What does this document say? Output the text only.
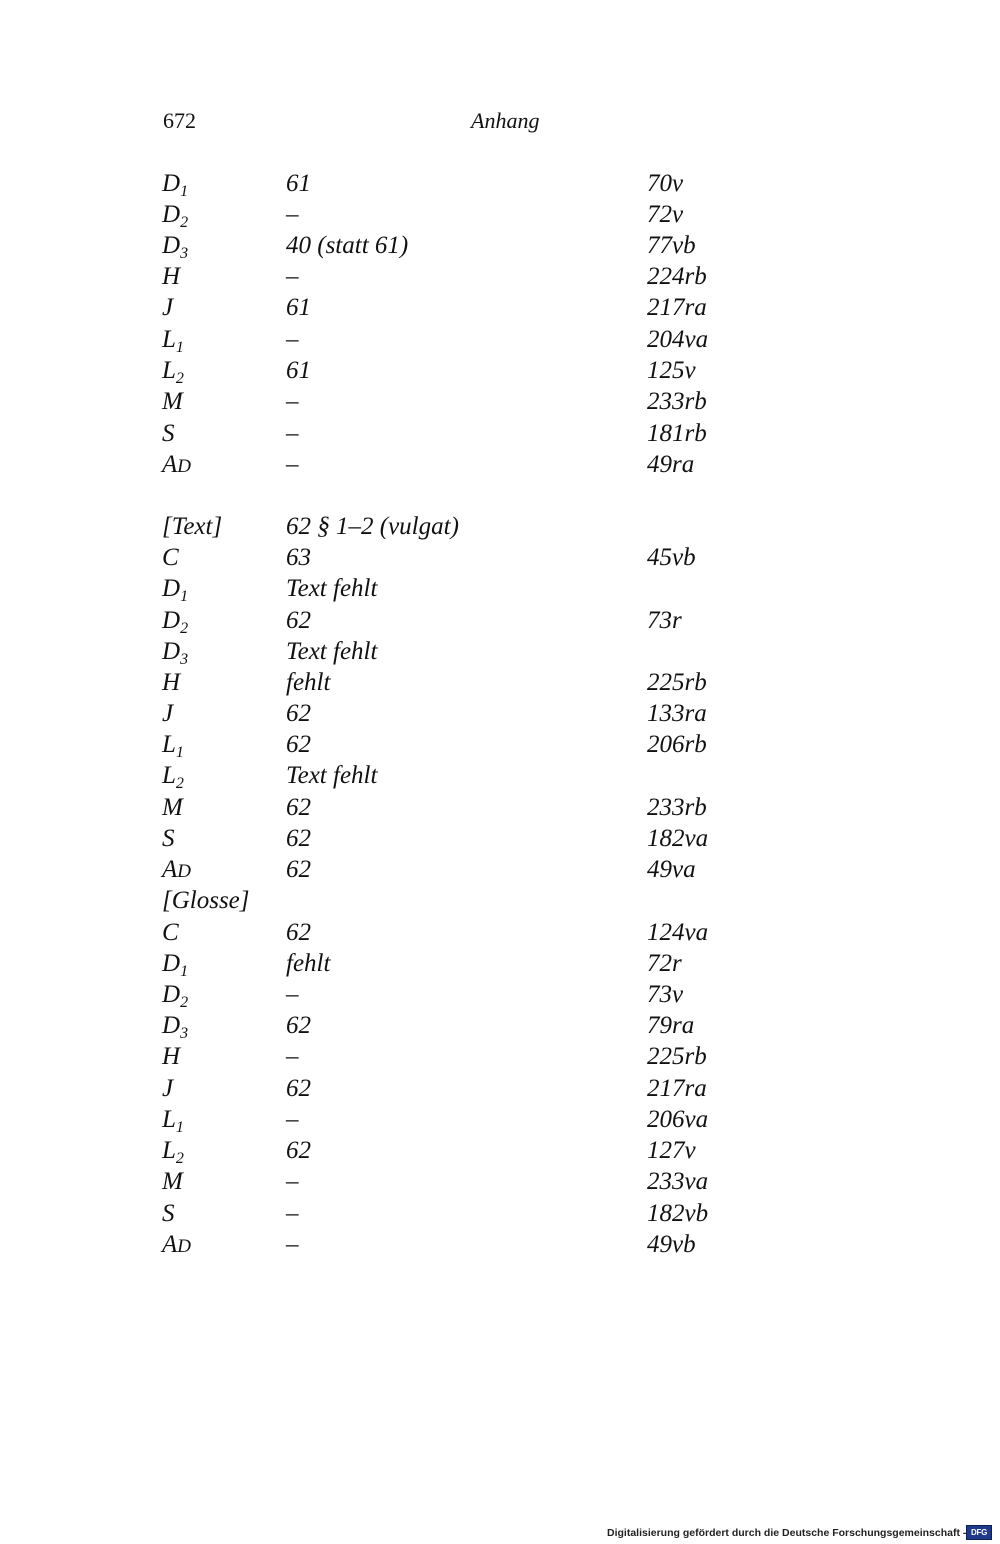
672	Anhang
$D_1$	61	70v
$D_2$	–	72v
$D_3$	40 (statt 61)	77vb
H	–	224rb
J	61	217ra
$L_1$	–	204va
$L_2$	61	125v
M	–	233rb
S	–	181rb
AD	–	49ra
[Text]	62 § 1–2 (vulgat)
C	63	45vb
$D_1$	Text fehlt
$D_2$	62	73r
$D_3$	Text fehlt
H	fehlt	225rb
J	62	133ra
$L_1$	62	206rb
$L_2$	Text fehlt
M	62	233rb
S	62	182va
AD	62	49va
[Glosse]
C	62	124va
$D_1$	fehlt	72r
$D_2$	–	73v
$D_3$	62	79ra
H	–	225rb
J	62	217ra
$L_1$	–	206va
$L_2$	62	127v
M	–	233va
S	–	182vb
AD	–	49vb
Digitalisierung gefördert durch die Deutsche Forschungsgemeinschaft - DFG
